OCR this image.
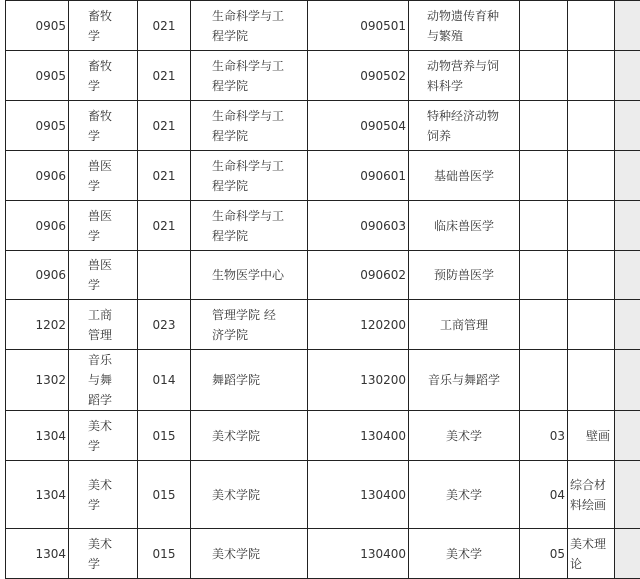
0905	畜牧学	021	生命科学与工程学院	090501	动物遗传育种与繁殖			
0905	畜牧学	021	生命科学与工程学院	090502	动物营养与饲料科学			
0905	畜牧学	021	生命科学与工程学院	090504	特种经济动物饲养			
0906	兽医学	021	生命科学与工程学院	090601	基础兽医学			
0906	兽医学	021	生命科学与工程学院	090603	临床兽医学			
0906	兽医学		生物医学中心	090602	预防兽医学			
1202	工商管理	023	管理学院 经济学院	120200	工商管理			
1302	音乐与舞蹈学	014	舞蹈学院	130200	音乐与舞蹈学			
1304	美术学	015	美术学院	130400	美术学	03	壁画	
1304	美术学	015	美术学院	130400	美术学	04	综合材料绘画	
1304	美术学	015	美术学院	130400	美术学	05	美术理论	
